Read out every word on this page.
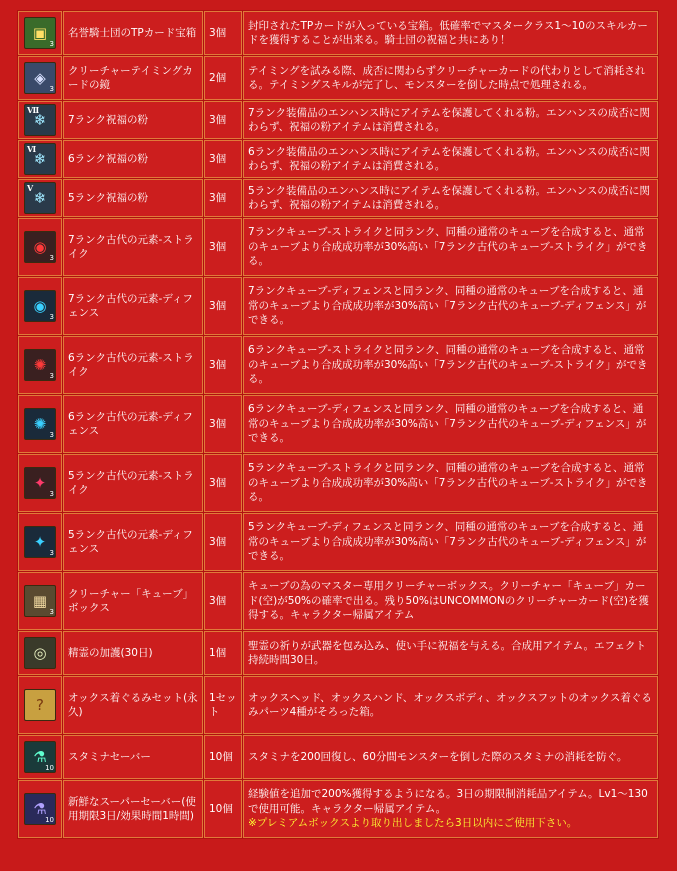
▣
3	名誉騎士団のTPカード宝箱	3個	封印されたTPカードが入っている宝箱。低確率でマスタークラス1～10のスキルカードを獲得することが出来る。騎士団の祝福と共にあり！

◈
3	クリーチャーテイミングカードの鏡	2個	テイミングを試みる際、成否に関わらずクリーチャーカードの代わりとして消耗される。テイミングスキルが完了し、モンスターを倒した時点で処理される。

❄
Ⅶ	7ランク祝福の粉	3個	7ランク装備品のエンハンス時にアイテムを保護してくれる粉。エンハンスの成否に関わらず、祝福の粉アイテムは消費される。

❄
Ⅵ	6ランク祝福の粉	3個	6ランク装備品のエンハンス時にアイテムを保護してくれる粉。エンハンスの成否に関わらず、祝福の粉アイテムは消費される。

❄
Ⅴ	5ランク祝福の粉	3個	5ランク装備品のエンハンス時にアイテムを保護してくれる粉。エンハンスの成否に関わらず、祝福の粉アイテムは消費される。

◉
3	7ランク古代の元素-ストライク	3個	7ランクキューブ-ストライクと同ランク、同種の通常のキューブを合成すると、通常のキューブより合成成功率が30%高い「7ランク古代のキューブ-ストライク」ができる。

◉
3	7ランク古代の元素-ディフェンス	3個	7ランクキューブ-ディフェンスと同ランク、同種の通常のキューブを合成すると、通常のキューブより合成成功率が30%高い「7ランク古代のキューブ-ディフェンス」ができる。

✺
3	6ランク古代の元素-ストライク	3個	6ランクキューブ-ストライクと同ランク、同種の通常のキューブを合成すると、通常のキューブより合成成功率が30%高い「7ランク古代のキューブ-ストライク」ができる。

✺
3	6ランク古代の元素-ディフェンス	3個	6ランクキューブ-ディフェンスと同ランク、同種の通常のキューブを合成すると、通常のキューブより合成成功率が30%高い「7ランク古代のキューブ-ディフェンス」ができる。

✦
3	5ランク古代の元素-ストライク	3個	5ランクキューブ-ストライクと同ランク、同種の通常のキューブを合成すると、通常のキューブより合成成功率が30%高い「7ランク古代のキューブ-ストライク」ができる。

✦
3	5ランク古代の元素-ディフェンス	3個	5ランクキューブ-ディフェンスと同ランク、同種の通常のキューブを合成すると、通常のキューブより合成成功率が30%高い「7ランク古代のキューブ-ディフェンス」ができる。

▦
3	クリーチャー「キューブ」ボックス	3個	キューブの為のマスター専用クリーチャーボックス。クリーチャー「キューブ」カード(空)が50%の確率で出る。残り50%はUNCOMMONのクリーチャーカード(空)を獲得する。キャラクター帰属アイテム

◎	精霊の加護(30日)	1個	聖霊の祈りが武器を包み込み、使い手に祝福を与える。合成用アイテム。エフェクト持続時間30日。

?	オックス着ぐるみセット(永久)	1セット	オックスヘッド、オックスハンド、オックスボディ、オックスフットのオックス着ぐるみパーツ4種がそろった箱。

⚗
10	スタミナセーバー	10個	スタミナを200回復し、60分間モンスターを倒した際のスタミナの消耗を防ぐ。

⚗
10	新鮮なスーパーセーバー(使用期限3日/効果時間1時間)	10個	経験値を追加で200%獲得するようになる。3日の期限制消耗品アイテム。Lv1～130で使用可能。キャラクター帰属アイテム。
※プレミアムボックスより取り出しましたら3日以内にご使用下さい。
